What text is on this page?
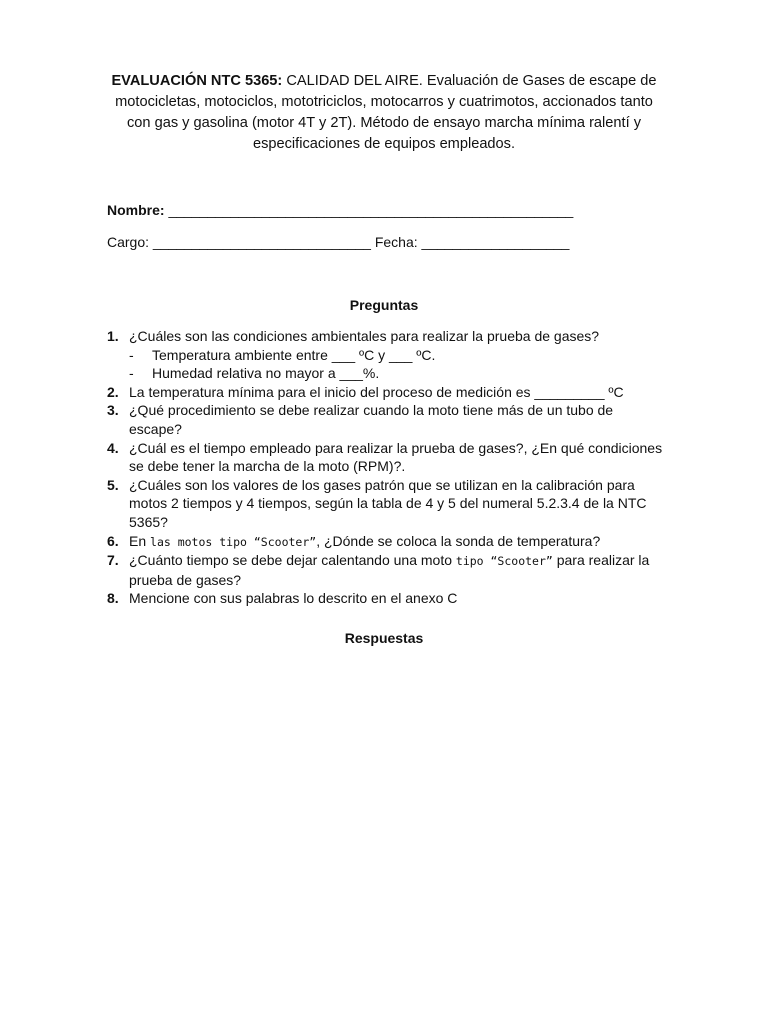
EVALUACIÓN NTC 5365: CALIDAD DEL AIRE. Evaluación de Gases de escape de motocicletas, motociclos, mototriciclos, motocarros y cuatrimotos, accionados tanto con gas y gasolina (motor 4T y 2T). Método de ensayo marcha mínima ralentí y especificaciones de equipos empleados.
Nombre: ____________________________________________________
Cargo: ____________________________ Fecha: ___________________
Preguntas
1. ¿Cuáles son las condiciones ambientales para realizar la prueba de gases?
- Temperatura ambiente entre ___ ºC y ___ ºC.
- Humedad relativa no mayor a ___%.
2. La temperatura mínima para el inicio del proceso de medición es _________ ºC
3. ¿Qué procedimiento se debe realizar cuando la moto tiene más de un tubo de escape?
4. ¿Cuál es el tiempo empleado para realizar la prueba de gases?, ¿En qué condiciones se debe tener la marcha de la moto (RPM)?.
5. ¿Cuáles son los valores de los gases patrón que se utilizan en la calibración para motos 2 tiempos y 4 tiempos, según la tabla de 4 y 5 del numeral 5.2.3.4 de la NTC 5365?
6. En las motos tipo “Scooter”, ¿Dónde se coloca la sonda de temperatura?
7. ¿Cuánto tiempo se debe dejar calentando una moto tipo “Scooter” para realizar la prueba de gases?
8. Mencione con sus palabras lo descrito en el anexo C
Respuestas
